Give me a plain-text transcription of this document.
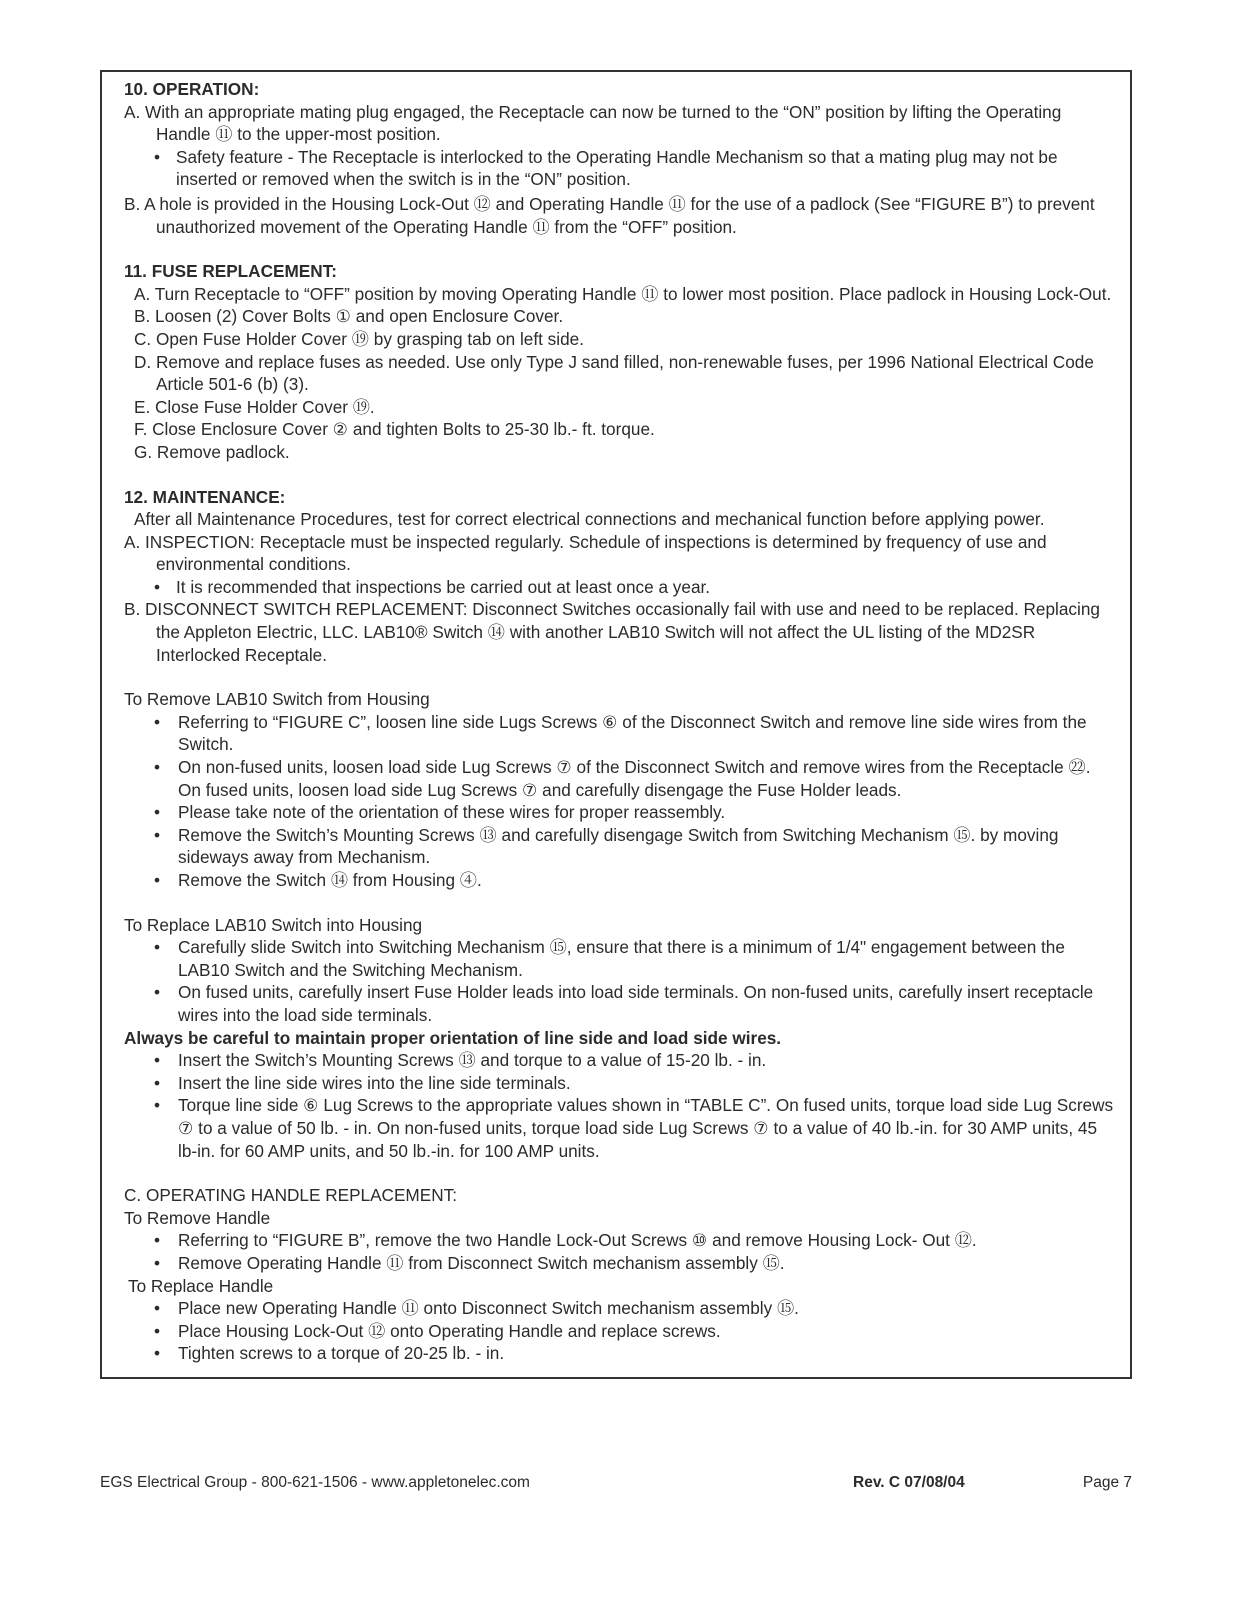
10. OPERATION:

A. With an appropriate mating plug engaged, the Receptacle can now be turned to the “ON” position by lifting the Operating Handle ⑪ to the upper-most position.

• Safety feature - The Receptacle is interlocked to the Operating Handle Mechanism so that a mating plug may not be inserted or removed when the switch is in the “ON” position.

B. A hole is provided in the Housing Lock-Out ⑫ and Operating Handle ⑪ for the use of a padlock (See “FIGURE B”) to prevent unauthorized movement of the Operating Handle ⑪ from the “OFF” position.

11. FUSE REPLACEMENT:

A. Turn Receptacle to “OFF” position by moving Operating Handle ⑪ to lower most position. Place padlock in Housing Lock-Out.

B. Loosen (2) Cover Bolts ① and open Enclosure Cover.

C. Open Fuse Holder Cover ⑲ by grasping tab on left side.

D. Remove and replace fuses as needed. Use only Type J sand filled, non-renewable fuses, per 1996 National Electrical Code Article 501-6 (b) (3).

E. Close Fuse Holder Cover ⑲.

F. Close Enclosure Cover ② and tighten Bolts to 25-30 lb.- ft. torque.

G. Remove padlock.

12. MAINTENANCE:

After all Maintenance Procedures, test for correct electrical connections and mechanical function before applying power.

A. INSPECTION: Receptacle must be inspected regularly. Schedule of inspections is determined by frequency of use and environmental conditions.

• It is recommended that inspections be carried out at least once a year.

B. DISCONNECT SWITCH REPLACEMENT: Disconnect Switches occasionally fail with use and need to be replaced. Replacing the Appleton Electric, LLC. LAB10® Switch ⑭ with another LAB10 Switch will not affect the UL listing of the MD2SR Interlocked Receptale.

To Remove LAB10 Switch from Housing

• Referring to “FIGURE C”, loosen line side Lugs Screws ⑥ of the Disconnect Switch and remove line side wires from the Switch.

• On non-fused units, loosen load side Lug Screws ⑦ of the Disconnect Switch and remove wires from the Receptacle ㉒. On fused units, loosen load side Lug Screws ⑦ and carefully disengage the Fuse Holder leads.

• Please take note of the orientation of these wires for proper reassembly.

• Remove the Switch’s Mounting Screws ⑬ and carefully disengage Switch from Switching Mechanism ⑮. by moving sideways away from Mechanism.

• Remove the Switch ⑭ from Housing ④.

To Replace LAB10 Switch into Housing

• Carefully slide Switch into Switching Mechanism ⑮, ensure that there is a minimum of 1/4" engagement between the LAB10 Switch and the Switching Mechanism.

• On fused units, carefully insert Fuse Holder leads into load side terminals. On non-fused units, carefully insert receptacle wires into the load side terminals.

Always be careful to maintain proper orientation of line side and load side wires.

• Insert the Switch’s Mounting Screws ⑬ and torque to a value of 15-20 lb. - in.

• Insert the line side wires into the line side terminals.

• Torque line side ⑥ Lug Screws to the appropriate values shown in “TABLE C”. On fused units, torque load side Lug Screws ⑦ to a value of 50 lb. - in. On non-fused units, torque load side Lug Screws ⑦ to a value of 40 lb.-in. for 30 AMP units, 45 lb-in. for 60 AMP units, and 50 lb.-in. for 100 AMP units.

C. OPERATING HANDLE REPLACEMENT:

To Remove Handle

• Referring to “FIGURE B”, remove the two Handle Lock-Out Screws ⑩ and remove Housing Lock- Out ⑫.

• Remove Operating Handle ⑪ from Disconnect Switch mechanism assembly ⑮.

To Replace Handle

• Place new Operating Handle ⑪ onto Disconnect Switch mechanism assembly ⑮.

• Place Housing Lock-Out ⑫ onto Operating Handle and replace screws.

• Tighten screws to a torque of 20-25 lb. - in.

EGS Electrical Group - 800-621-1506 - www.appletonelec.com	Rev. C 07/08/04	Page 7
